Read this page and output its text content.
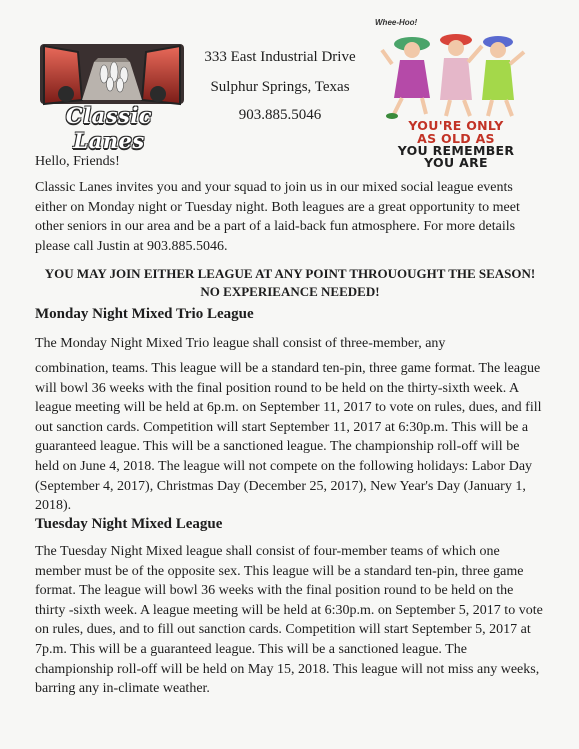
Classic Lanes
333 East Industrial Drive
Sulphur Springs, Texas
903.885.5046
Whee-Hoo!
YOU'RE ONLY
AS OLD AS
YOU REMEMBER
YOU ARE
Hello, Friends!
Classic Lanes invites you and your squad to join us in our mixed social league events either on Monday night or Tuesday night. Both leagues are a great opportunity to meet other seniors in our area and be a part of a laid-back fun atmosphere. For more details please call Justin at 903.885.5046.
YOU MAY JOIN EITHER LEAGUE AT ANY POINT THROUOUGHT THE SEASON! NO EXPERIEANCE NEEDED!
Monday Night Mixed Trio League
The Monday Night Mixed Trio league shall consist of three-member, any
combination, teams. This league will be a standard ten-pin, three game format. The league will bowl 36 weeks with the final position round to be held on the thirty-sixth week. A league meeting will be held at 6p.m. on September 11, 2017 to vote on rules, dues, and fill out sanction cards. Competition will start September 11, 2017 at 6:30p.m. This will be a guaranteed league. This will be a sanctioned league. The championship roll-off will be held on June 4, 2018. The league will not compete on the following holidays: Labor Day (September 4, 2017), Christmas Day (December 25, 2017), New Year's Day (January 1, 2018).
Tuesday Night Mixed League
The Tuesday Night Mixed league shall consist of four-member teams of which one member must be of the opposite sex. This league will be a standard ten-pin, three game format. The league will bowl 36 weeks with the final position round to be held on the thirty -sixth week. A league meeting will be held at 6:30p.m. on September 5, 2017 to vote on rules, dues, and to fill out sanction cards. Competition will start September 5, 2017 at 7p.m. This will be a guaranteed league. This will be a sanctioned league. The championship roll-off will be held on May 15, 2018. This league will not miss any weeks, barring any in-climate weather.
